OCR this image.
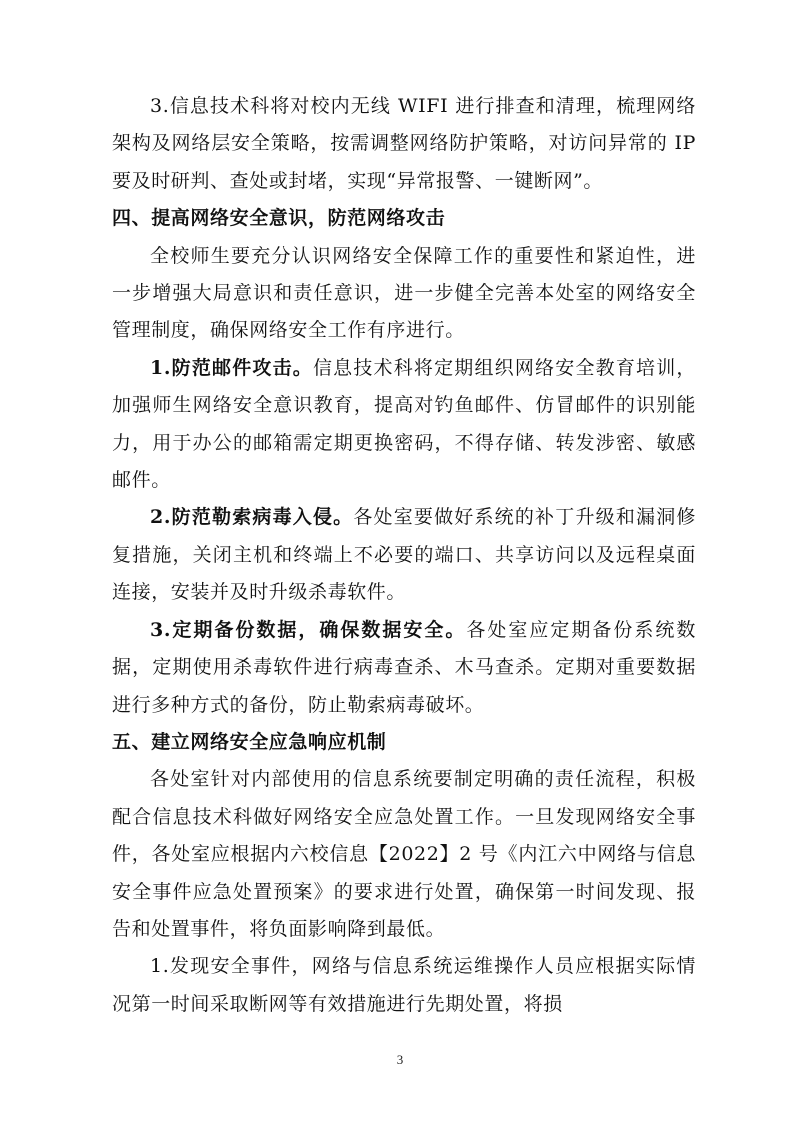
3.信息技术科将对校内无线 WIFI 进行排查和清理，梳理网络架构及网络层安全策略，按需调整网络防护策略，对访问异常的 IP 要及时研判、查处或封堵，实现“异常报警、一键断网”。

四、提高网络安全意识，防范网络攻击

全校师生要充分认识网络安全保障工作的重要性和紧迫性，进一步增强大局意识和责任意识，进一步健全完善本处室的网络安全管理制度，确保网络安全工作有序进行。

1.防范邮件攻击。信息技术科将定期组织网络安全教育培训，加强师生网络安全意识教育，提高对钓鱼邮件、仿冒邮件的识别能力，用于办公的邮箱需定期更换密码，不得存储、转发涉密、敏感邮件。

2.防范勒索病毒入侵。各处室要做好系统的补丁升级和漏洞修复措施，关闭主机和终端上不必要的端口、共享访问以及远程桌面连接，安装并及时升级杀毒软件。

3.定期备份数据，确保数据安全。各处室应定期备份系统数据，定期使用杀毒软件进行病毒查杀、木马查杀。定期对重要数据进行多种方式的备份，防止勒索病毒破坏。

五、建立网络安全应急响应机制

各处室针对内部使用的信息系统要制定明确的责任流程，积极配合信息技术科做好网络安全应急处置工作。一旦发现网络安全事件，各处室应根据内六校信息【2022】2 号《内江六中网络与信息安全事件应急处置预案》的要求进行处置，确保第一时间发现、报告和处置事件，将负面影响降到最低。

1.发现安全事件，网络与信息系统运维操作人员应根据实际情况第一时间采取断网等有效措施进行先期处置，将损

3
